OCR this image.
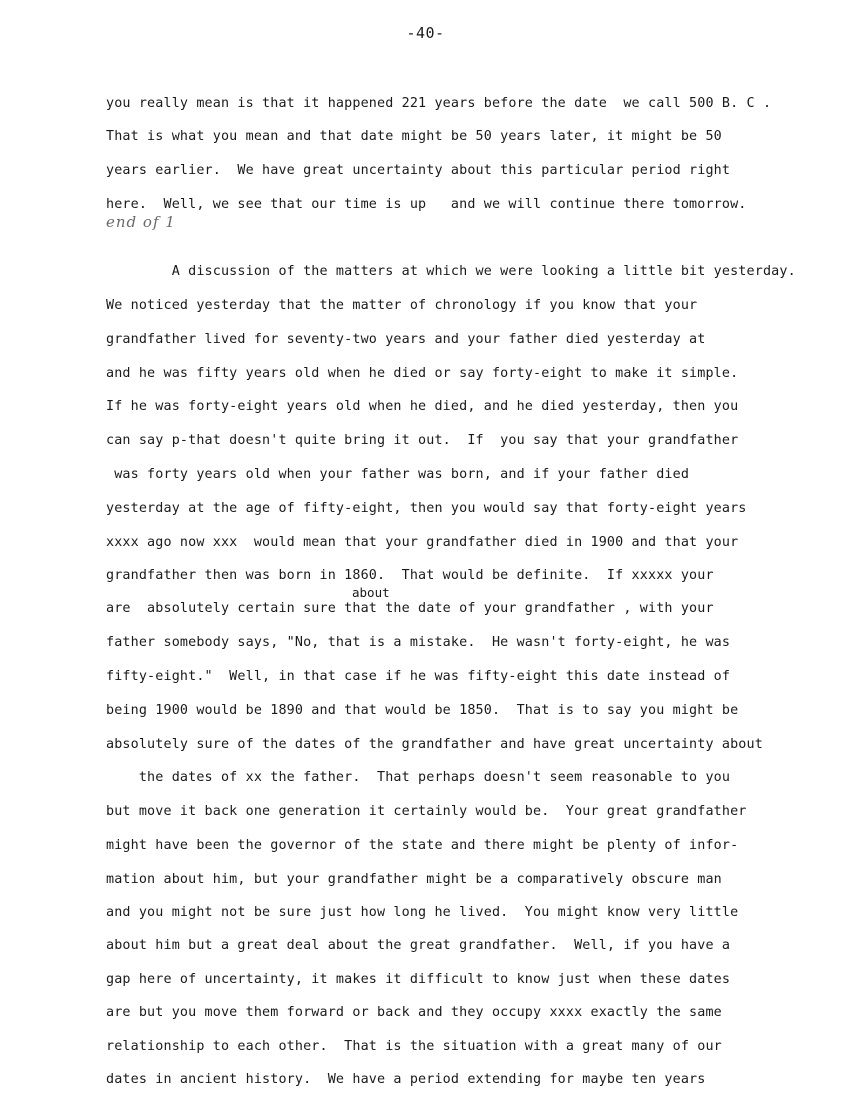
-40-
you really mean is that it happened 221 years before the date  we call 500 B. C .
That is what you mean and that date might be 50 years later, it might be 50
years earlier.  We have great uncertainty about this particular period right
here.  Well, we see that our time is up   and we will continue there tomorrow.
end of 1
A discussion of the matters at which we were looking a little bit yesterday.
We noticed yesterday that the matter of chronology if you know that your
grandfather lived for seventy-two years and your father died yesterday at
and he was fifty years old when he died or say forty-eight to make it simple.
If he was forty-eight years old when he died, and he died yesterday, then you
can say p-that doesn't quite bring it out.  If  you say that your grandfather
was forty years old when your father was born, and if your father died
yesterday at the age of fifty-eight, then you would say that forty-eight years
xxxx ago now xxx  would mean that your grandfather died in 1900 and that your
grandfather then was born in 1860.  That would be definite.  If xxxxx your
about
are  absolutely certain sure that the date of your grandfather , with your
father somebody says, "No, that is a mistake.  He wasn't forty-eight, he was
fifty-eight."  Well, in that case if he was fifty-eight this date instead of
being 1900 would be 1890 and that would be 1850.  That is to say you might be
absolutely sure of the dates of the grandfather and have great uncertainty about
the dates of xx the father.  That perhaps doesn't seem reasonable to you
but move it back one generation it certainly would be.  Your great grandfather
might have been the governor of the state and there might be plenty of infor-
mation about him, but your grandfather might be a comparatively obscure man
and you might not be sure just how long he lived.  You might know very little
about him but a great deal about the great grandfather.  Well, if you have a
gap here of uncertainty, it makes it difficult to know just when these dates
are but you move them forward or back and they occupy xxxx exactly the same
relationship to each other.  That is the situation with a great many of our
dates in ancient history.  We have a period extending for maybe ten years
